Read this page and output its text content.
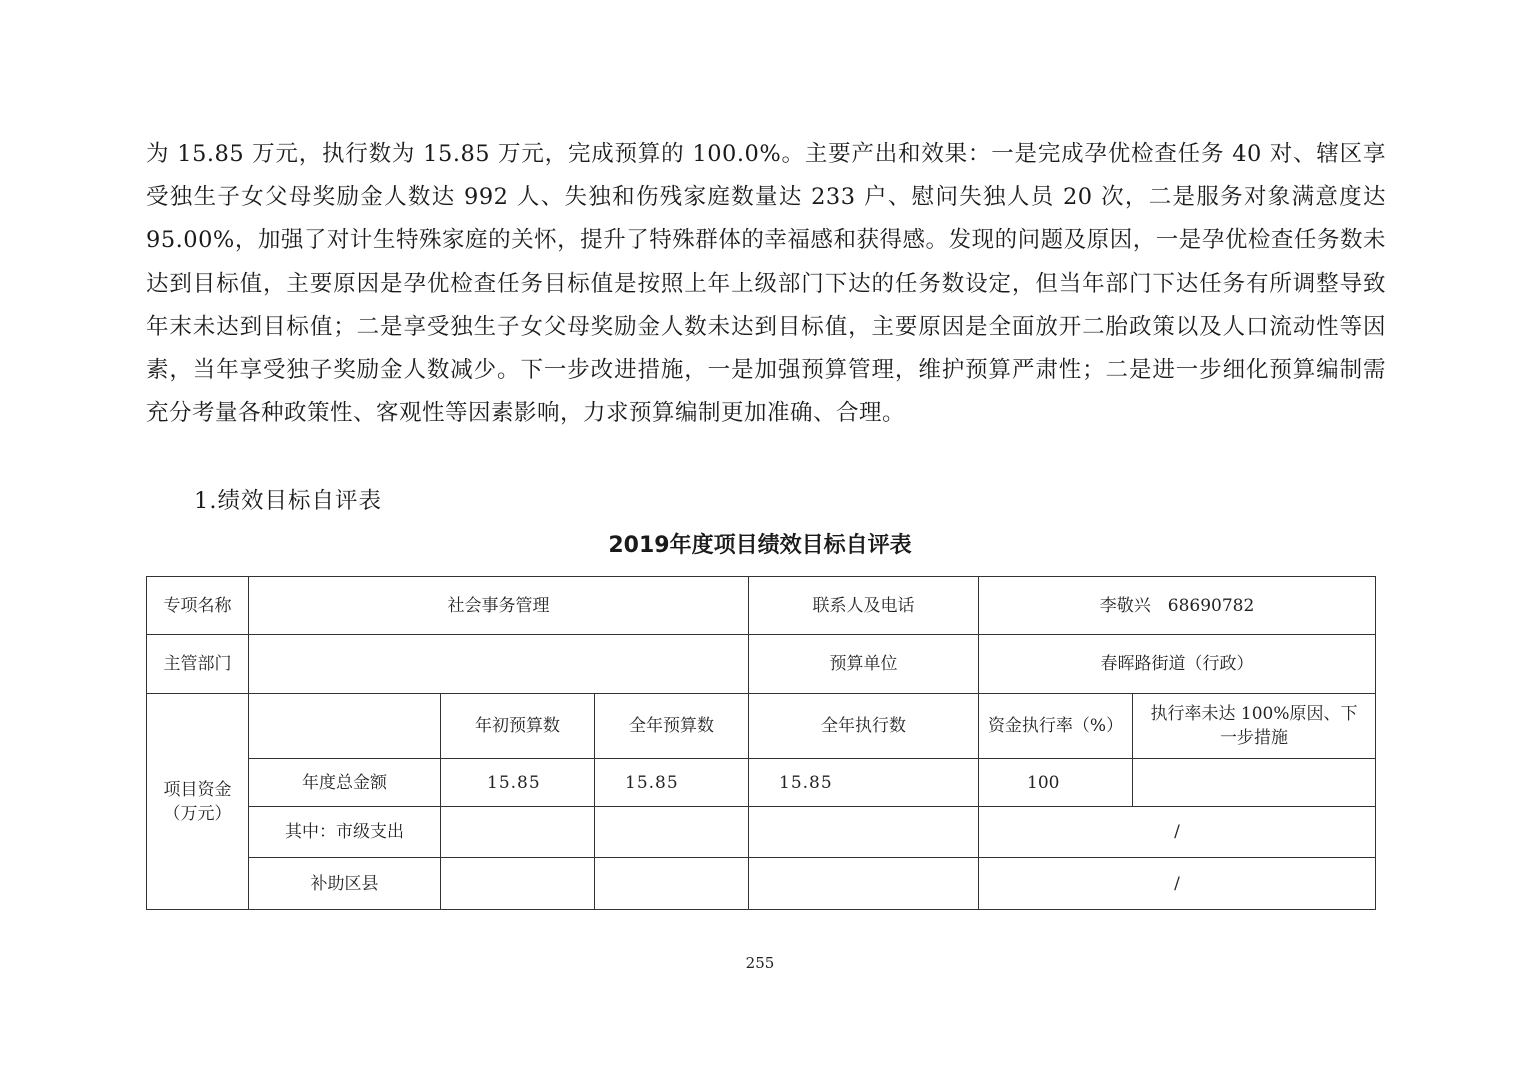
为 15.85 万元，执行数为 15.85 万元，完成预算的 100.0%。主要产出和效果：一是完成孕优检查任务 40 对、辖区享受独生子女父母奖励金人数达 992 人、失独和伤残家庭数量达 233 户、慰问失独人员 20 次，二是服务对象满意度达 95.00%，加强了对计生特殊家庭的关怀，提升了特殊群体的幸福感和获得感。发现的问题及原因，一是孕优检查任务数未达到目标值，主要原因是孕优检查任务目标值是按照上年上级部门下达的任务数设定，但当年部门下达任务有所调整导致年末未达到目标值；二是享受独生子女父母奖励金人数未达到目标值，主要原因是全面放开二胎政策以及人口流动性等因素，当年享受独子奖励金人数减少。下一步改进措施，一是加强预算管理，维护预算严肃性；二是进一步细化预算编制需充分考量各种政策性、客观性等因素影响，力求预算编制更加准确、合理。

1.绩效目标自评表
2019年度项目绩效目标自评表
专项名称	社会事务管理			联系人及电话	李敬兴　68690782	
主管部门				预算单位	春晖路街道（行政）	
项目资金（万元）		年初预算数	全年预算数	全年执行数	资金执行率（%）	执行率未达 100%原因、下一步措施
	年度总金额	15.85	15.85	15.85	100	
	其中：市级支出				/	
	补助区县				/	
255
